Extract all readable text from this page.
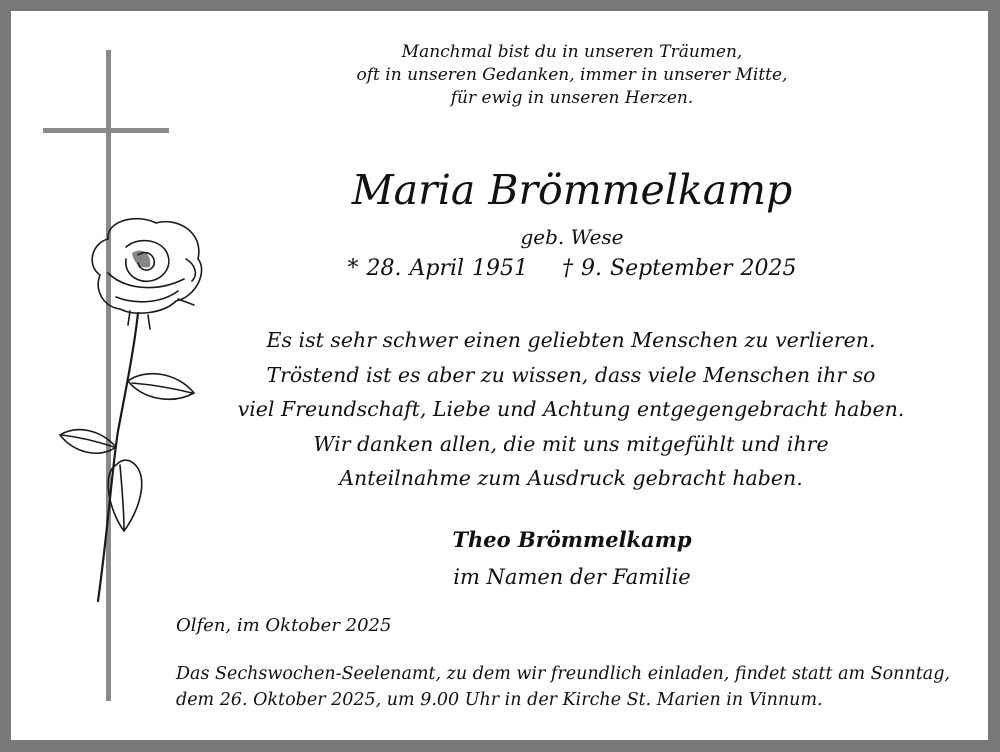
Manchmal bist du in unseren Träumen,
oft in unseren Gedanken, immer in unserer Mitte,
für ewig in unseren Herzen.
Maria Brömmelkamp
geb. Wese
* 28. April 1951 † 9. September 2025
Es ist sehr schwer einen geliebten Menschen zu verlieren.
Tröstend ist es aber zu wissen, dass viele Menschen ihr so
viel Freundschaft, Liebe und Achtung entgegengebracht haben.
Wir danken allen, die mit uns mitgefühlt und ihre
Anteilnahme zum Ausdruck gebracht haben.
Theo Brömmelkamp
im Namen der Familie
Olfen, im Oktober 2025
Das Sechswochen-Seelenamt, zu dem wir freundlich einladen, findet statt am Sonntag,
dem 26. Oktober 2025, um 9.00 Uhr in der Kirche St. Marien in Vinnum.
